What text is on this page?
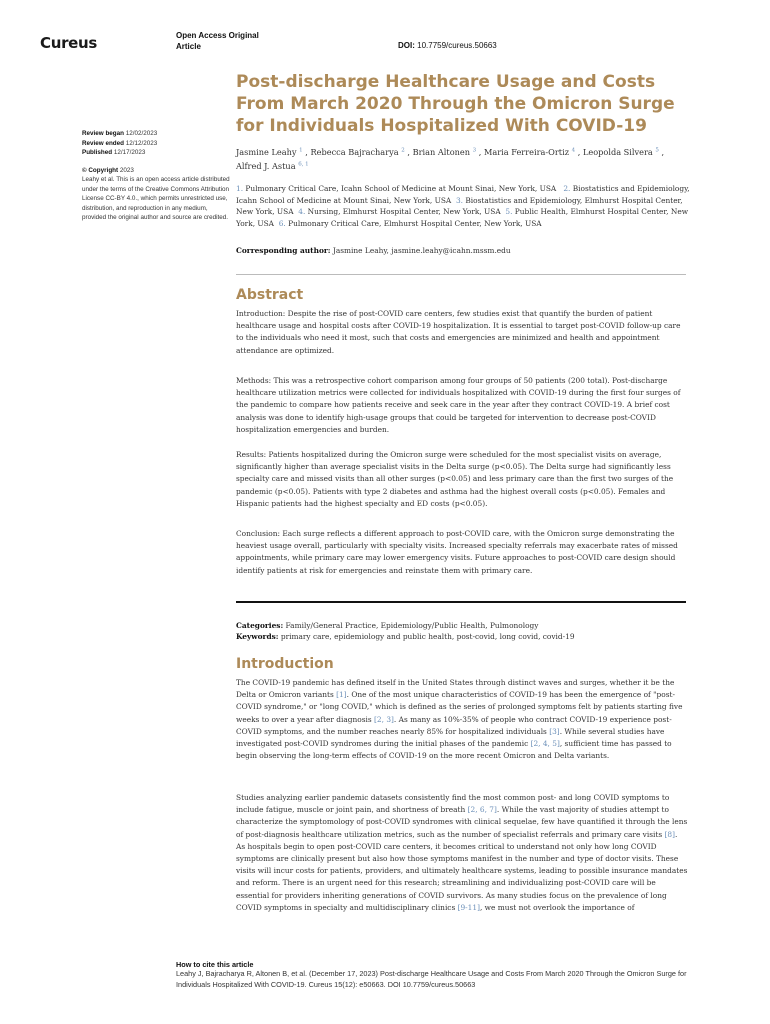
Cureus	Open Access Original
Article	DOI: 10.7759/cureus.50663
Post-discharge Healthcare Usage and Costs From March 2020 Through the Omicron Surge for Individuals Hospitalized With COVID-19

Review began 12/02/2023

Review ended 12/12/2023

Published 12/17/2023

© Copyright 2023

Leahy et al. This is an open access article distributed under the terms of the Creative Commons Attribution License CC-BY 4.0., which permits unrestricted use, distribution, and reproduction in any medium, provided the original author and source are credited.

Jasmine Leahy $^1$ , Rebecca Bajracharya $^2$ , Brian Altonen $^3$ , Maria Ferreira-Ortiz $^4$ , Leopolda Silvera $^5$ , Alfred J. Astua $^{6, 1}$
1. Pulmonary Critical Care, Icahn School of Medicine at Mount Sinai, New York, USA 2. Biostatistics and Epidemiology, Icahn School of Medicine at Mount Sinai, New York, USA 3. Biostatistics and Epidemiology, Elmhurst Hospital Center, New York, USA 4. Nursing, Elmhurst Hospital Center, New York, USA 5. Public Health, Elmhurst Hospital Center, New York, USA 6. Pulmonary Critical Care, Elmhurst Hospital Center, New York, USA
Corresponding author: Jasmine Leahy, jasmine.leahy@icahn.mssm.edu
Abstract

Introduction: Despite the rise of post-COVID care centers, few studies exist that quantify the burden of patient healthcare usage and hospital costs after COVID-19 hospitalization. It is essential to target post-COVID follow-up care to the individuals who need it most, such that costs and emergencies are minimized and health and appointment attendance are optimized.

Methods: This was a retrospective cohort comparison among four groups of 50 patients (200 total). Post-discharge healthcare utilization metrics were collected for individuals hospitalized with COVID-19 during the first four surges of the pandemic to compare how patients receive and seek care in the year after they contract COVID-19. A brief cost analysis was done to identify high-usage groups that could be targeted for intervention to decrease post-COVID hospitalization emergencies and burden.

Results: Patients hospitalized during the Omicron surge were scheduled for the most specialist visits on average, significantly higher than average specialist visits in the Delta surge (p<0.05). The Delta surge had significantly less specialty care and missed visits than all other surges (p<0.05) and less primary care than the first two surges of the pandemic (p<0.05). Patients with type 2 diabetes and asthma had the highest overall costs (p<0.05). Females and Hispanic patients had the highest specialty and ED costs (p<0.05).

Conclusion: Each surge reflects a different approach to post-COVID care, with the Omicron surge demonstrating the heaviest usage overall, particularly with specialty visits. Increased specialty referrals may exacerbate rates of missed appointments, while primary care may lower emergency visits. Future approaches to post-COVID care design should identify patients at risk for emergencies and reinstate them with primary care.

Categories: Family/General Practice, Epidemiology/Public Health, Pulmonology
Keywords: primary care, epidemiology and public health, post-covid, long covid, covid-19
Introduction

The COVID-19 pandemic has defined itself in the United States through distinct waves and surges, whether it be the Delta or Omicron variants [1]. One of the most unique characteristics of COVID-19 has been the emergence of "post-COVID syndrome," or "long COVID," which is defined as the series of prolonged symptoms felt by patients starting five weeks to over a year after diagnosis [2, 3]. As many as 10%-35% of people who contract COVID-19 experience post-COVID symptoms, and the number reaches nearly 85% for hospitalized individuals [3]. While several studies have investigated post-COVID syndromes during the initial phases of the pandemic [2, 4, 5], sufficient time has passed to begin observing the long-term effects of COVID-19 on the more recent Omicron and Delta variants.

Studies analyzing earlier pandemic datasets consistently find the most common post- and long COVID symptoms to include fatigue, muscle or joint pain, and shortness of breath [2, 6, 7]. While the vast majority of studies attempt to characterize the symptomology of post-COVID syndromes with clinical sequelae, few have quantified it through the lens of post-diagnosis healthcare utilization metrics, such as the number of specialist referrals and primary care visits [8]. As hospitals begin to open post-COVID care centers, it becomes critical to understand not only how long COVID symptoms are clinically present but also how those symptoms manifest in the number and type of doctor visits. These visits will incur costs for patients, providers, and ultimately healthcare systems, leading to possible insurance mandates and reform. There is an urgent need for this research; streamlining and individualizing post-COVID care will be essential for providers inheriting generations of COVID survivors. As many studies focus on the prevalence of long COVID symptoms in specialty and multidisciplinary clinics [9-11], we must not overlook the importance of

How to cite this article
Leahy J, Bajracharya R, Altonen B, et al. (December 17, 2023) Post-discharge Healthcare Usage and Costs From March 2020 Through the Omicron Surge for Individuals Hospitalized With COVID-19. Cureus 15(12): e50663. DOI 10.7759/cureus.50663
